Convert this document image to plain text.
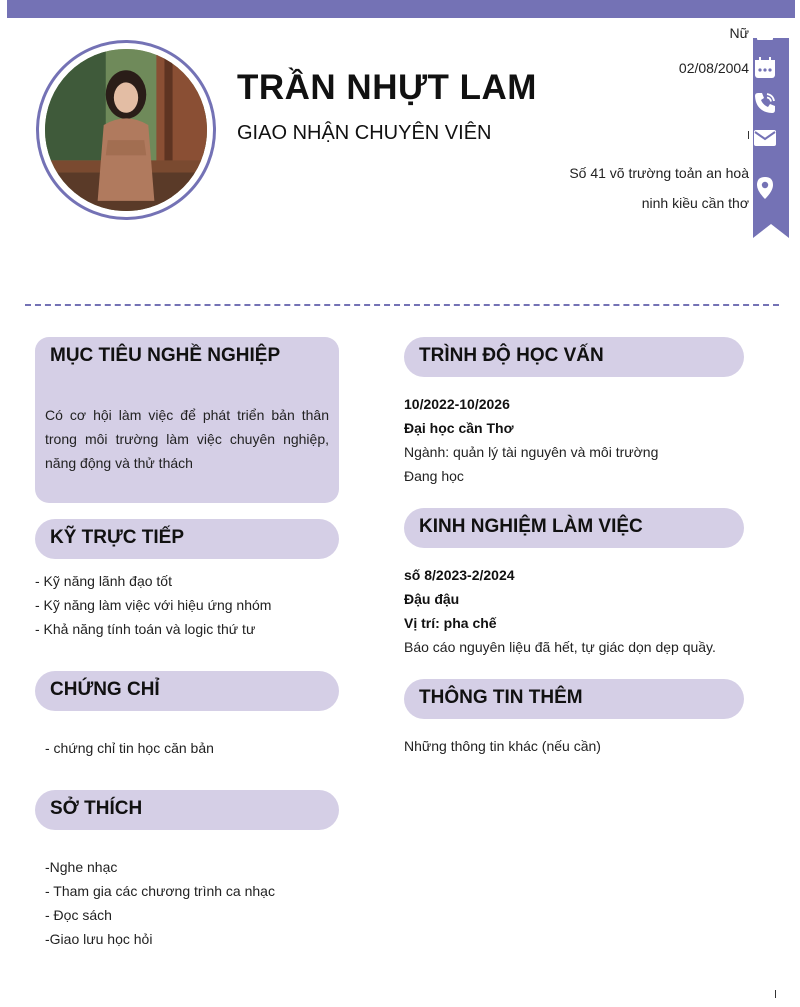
TRẦN NHỰT LAM
GIAO NHẬN CHUYÊN VIÊN
Nữ
02/08/2004
Số 41 võ trường toản an hoà
ninh kiều cần thơ
MỤC TIÊU NGHỀ NGHIỆP
Có cơ hội làm việc để phát triển bản thân trong môi trường làm việc chuyên nghiệp, năng động và thử thách
KỸ TRỰC TIẾP
- Kỹ năng lãnh đạo tốt
- Kỹ năng làm việc với hiệu ứng nhóm
- Khả năng tính toán và logic thứ tư
CHỨNG CHỈ
- chứng chỉ tin học căn bản
SỞ THÍCH
-Nghe nhạc
- Tham gia các chương trình ca nhạc
- Đọc sách
-Giao lưu học hỏi
TRÌNH ĐỘ HỌC VẤN
10/2022-10/2026
Đại học cần Thơ
Ngành: quản lý tài nguyên và môi trường
Đang học
KINH NGHIỆM LÀM VIỆC
số 8/2023-2/2024
Đậu đậu
Vị trí: pha chế
Báo cáo nguyên liệu đã hết, tự giác dọn dẹp quầy.
THÔNG TIN THÊM
Những thông tin khác (nếu cần)
